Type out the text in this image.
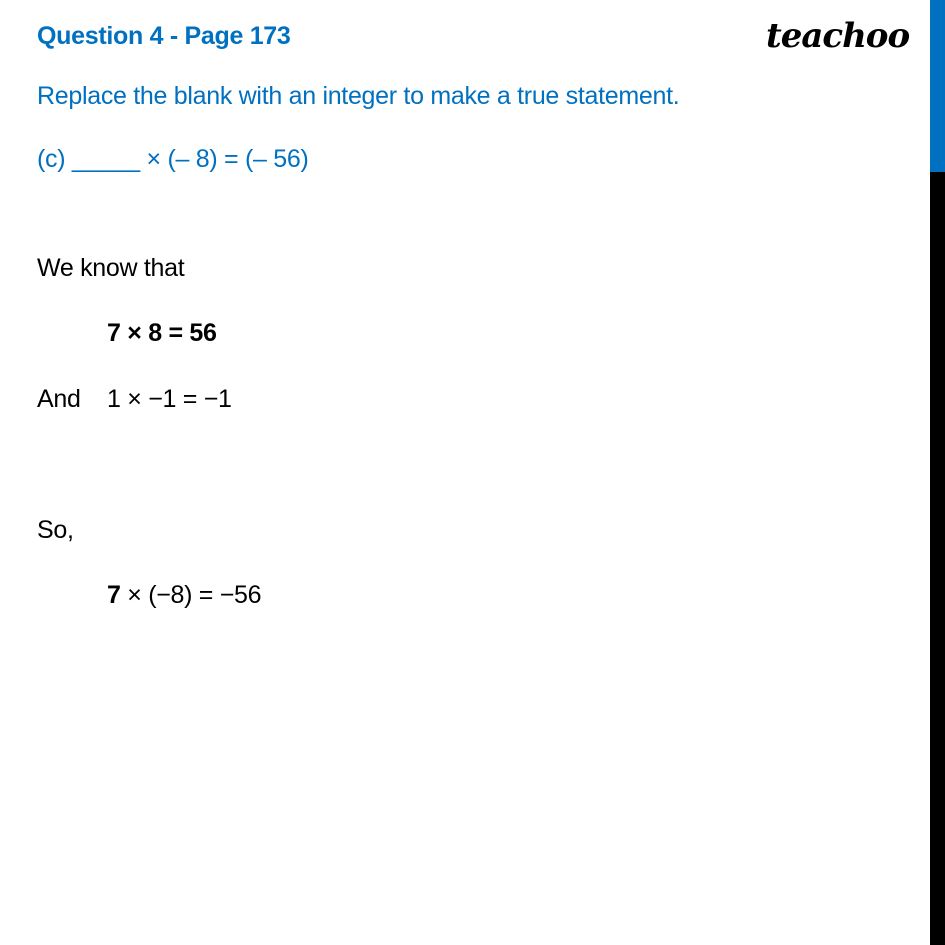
Question 4 - Page 173	teachoo
Replace the blank with an integer to make a true statement.
(c) _____ × (– 8) = (– 56)
We know that
7 × 8 = 56
And 1 × −1 = −1
So,
7 × (−8) = −56
